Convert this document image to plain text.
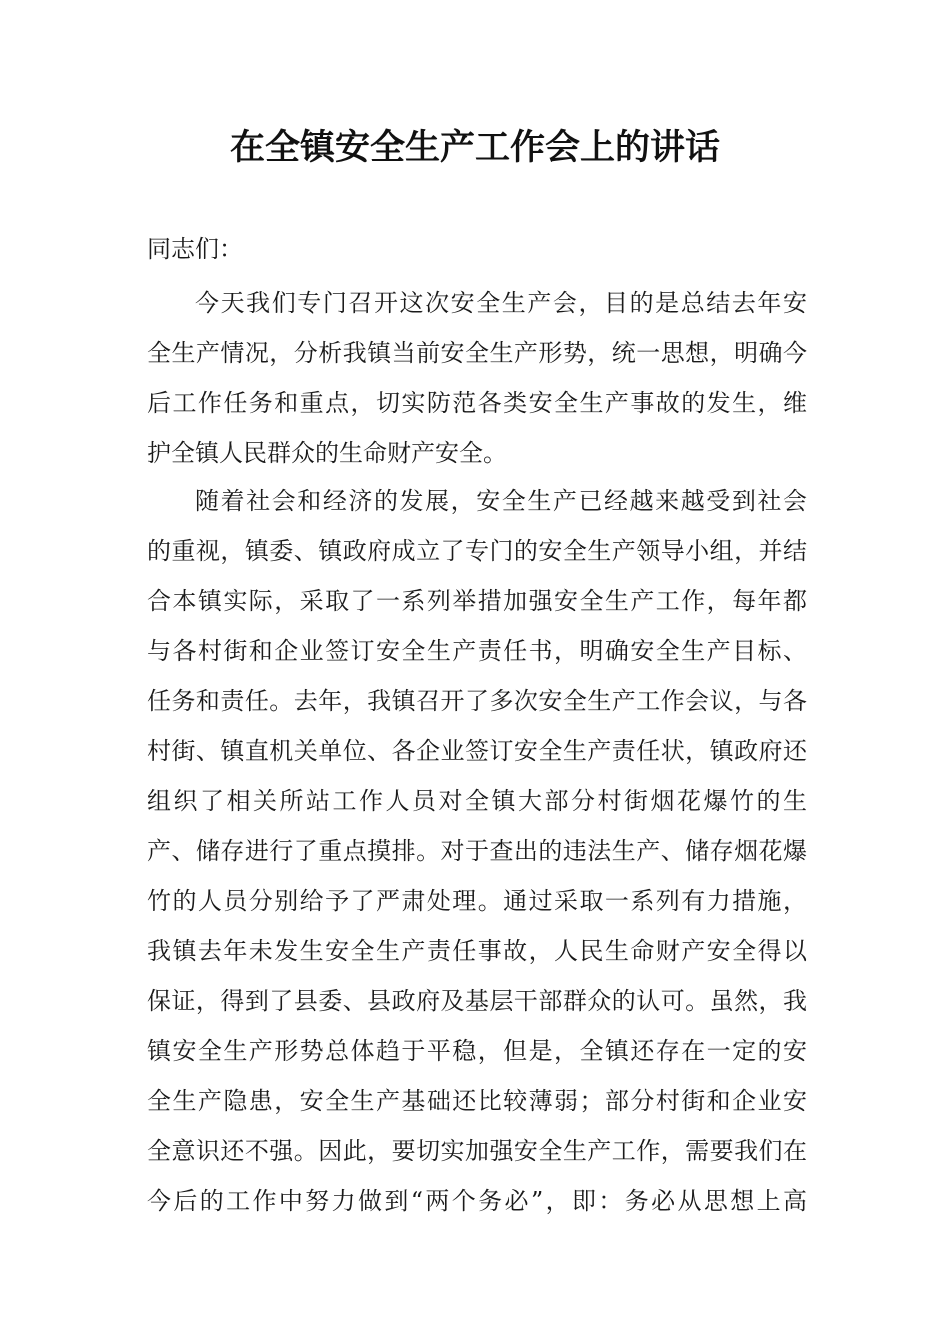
在全镇安全生产工作会上的讲话
同志们：
今天我们专门召开这次安全生产会，目的是总结去年安
全生产情况，分析我镇当前安全生产形势，统一思想，明确今
后工作任务和重点，切实防范各类安全生产事故的发生，维
护全镇人民群众的生命财产安全。
随着社会和经济的发展，安全生产已经越来越受到社会
的重视，镇委、镇政府成立了专门的安全生产领导小组，并结
合本镇实际，采取了一系列举措加强安全生产工作，每年都
与各村街和企业签订安全生产责任书，明确安全生产目标、
任务和责任。去年，我镇召开了多次安全生产工作会议，与各
村街、镇直机关单位、各企业签订安全生产责任状，镇政府还
组织了相关所站工作人员对全镇大部分村街烟花爆竹的生
产、储存进行了重点摸排。对于查出的违法生产、储存烟花爆
竹的人员分别给予了严肃处理。通过采取一系列有力措施，
我镇去年未发生安全生产责任事故，人民生命财产安全得以
保证，得到了县委、县政府及基层干部群众的认可。虽然，我
镇安全生产形势总体趋于平稳，但是，全镇还存在一定的安
全生产隐患，安全生产基础还比较薄弱；部分村街和企业安
全意识还不强。因此，要切实加强安全生产工作，需要我们在
今后的工作中努力做到“两个务必”，即：务必从思想上高
